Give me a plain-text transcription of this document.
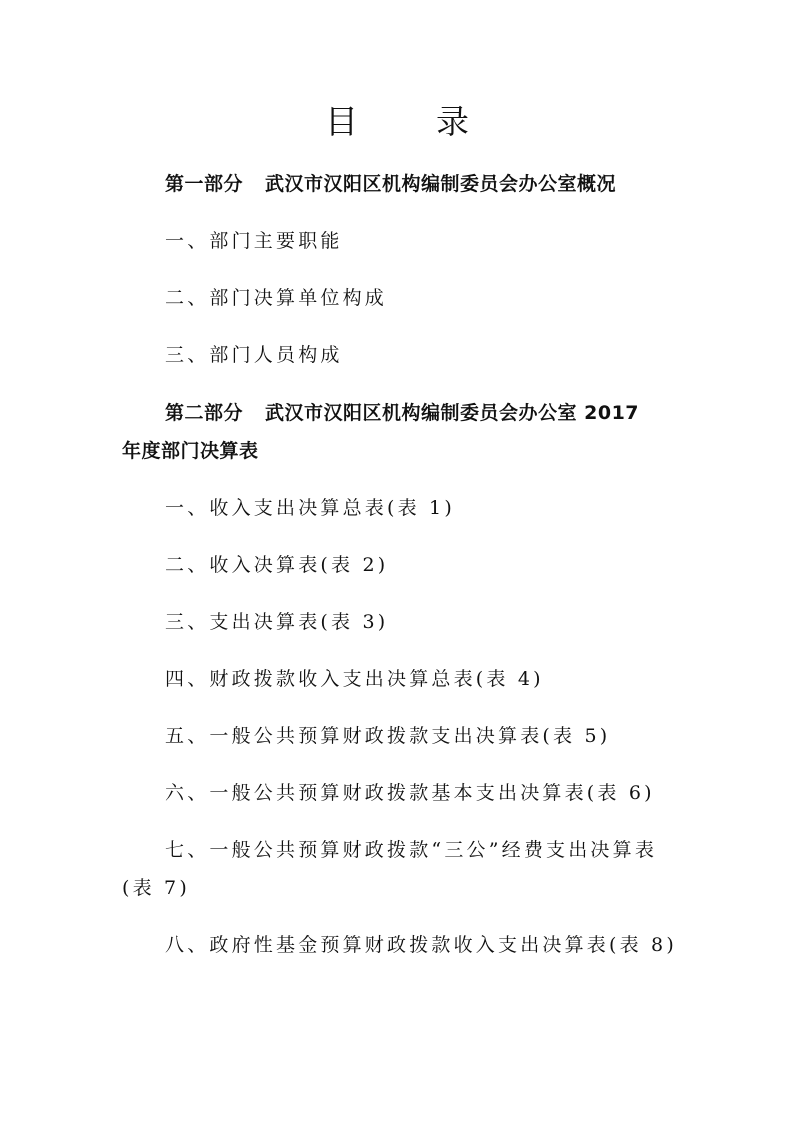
目 录
第一部分 武汉市汉阳区机构编制委员会办公室概况
一、部门主要职能
二、部门决算单位构成
三、部门人员构成
第二部分 武汉市汉阳区机构编制委员会办公室 2017
年度部门决算表
一、收入支出决算总表(表 1)
二、收入决算表(表 2)
三、支出决算表(表 3)
四、财政拨款收入支出决算总表(表 4)
五、一般公共预算财政拨款支出决算表(表 5)
六、一般公共预算财政拨款基本支出决算表(表 6)
七、一般公共预算财政拨款“三公”经费支出决算表
(表 7)
八、政府性基金预算财政拨款收入支出决算表(表 8)
